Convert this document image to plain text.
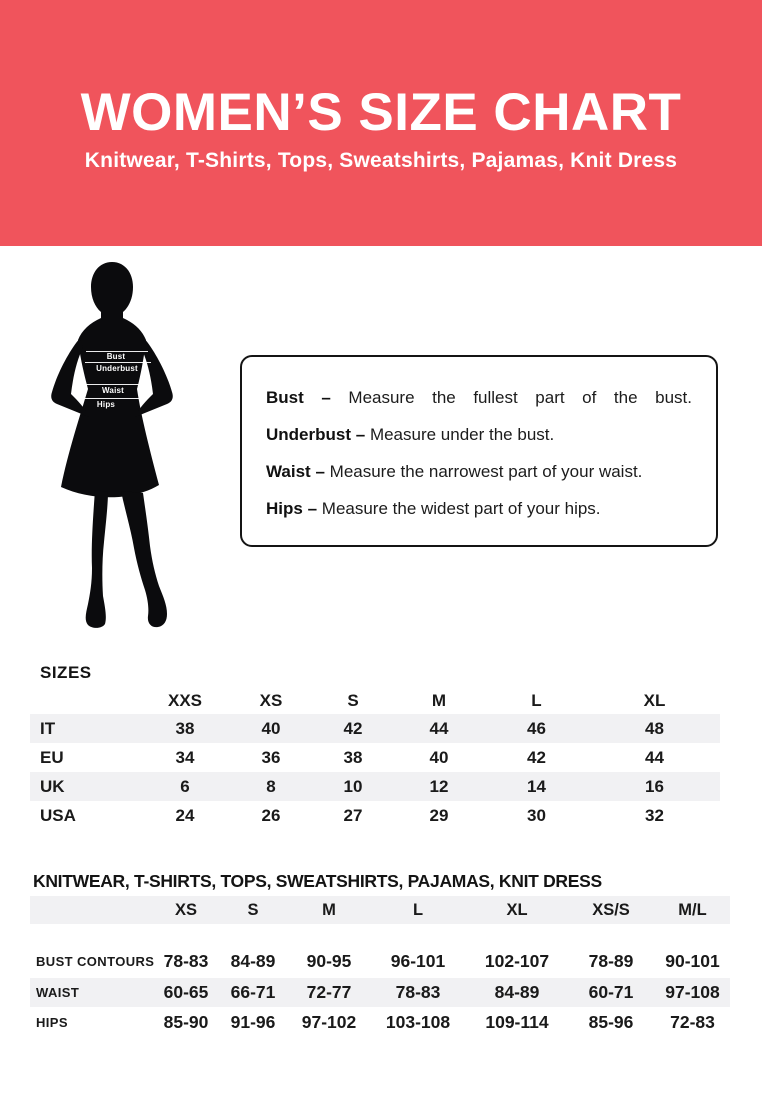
WOMEN’S SIZE CHART
Knitwear, T-Shirts, Tops, Sweatshirts, Pajamas, Knit Dress
Bust
Underbust
Waist
Hips	Bust – Measure the fullest part of the bust.
Underbust – Measure under the bust.
Waist – Measure the narrowest part of your waist.
Hips – Measure the widest part of your hips.
SIZES
	XXS	XS	S	M	L	XL
IT	38	40	42	44	46	48
EU	34	36	38	40	42	44
UK	6	8	10	12	14	16
USA	24	26	27	29	30	32
KNITWEAR, T-SHIRTS, TOPS, SWEATSHIRTS, PAJAMAS, KNIT DRESS
	XS	S	M	L	XL	XS/S	M/L

BUST CONTOURS	78-83	84-89	90-95	96-101	102-107	78-89	90-101
WAIST	60-65	66-71	72-77	78-83	84-89	60-71	97-108
HIPS	85-90	91-96	97-102	103-108	109-114	85-96	72-83
